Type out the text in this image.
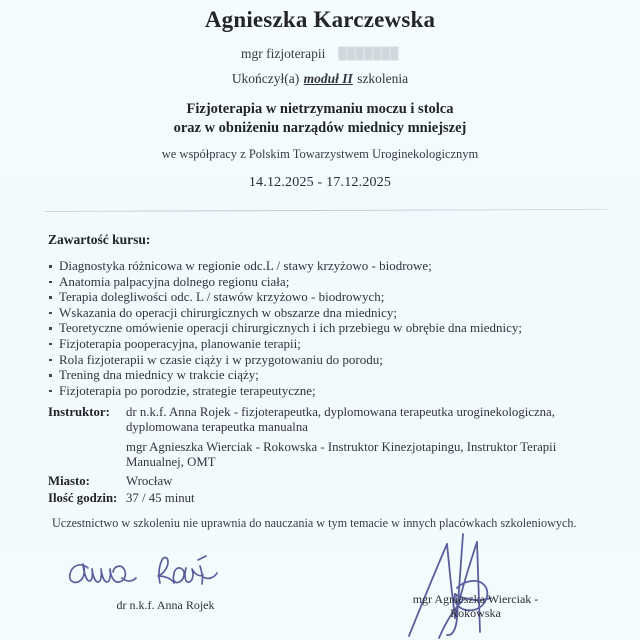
Agnieszka Karczewska
mgr fizjoterapii ███████
Ukończył(a) moduł II szkolenia
Fizjoterapia w nietrzymaniu moczu i stolca
oraz w obniżeniu narządów miednicy mniejszej
we współpracy z Polskim Towarzystwem Uroginekologicznym
14.12.2025 - 17.12.2025
Zawartość kursu:
Diagnostyka różnicowa w regionie odc.L / stawy krzyżowo - biodrowe;
Anatomia palpacyjna dolnego regionu ciała;
Terapia dolegliwości odc. L / stawów krzyżowo - biodrowych;
Wskazania do operacji chirurgicznych w obszarze dna miednicy;
Teoretyczne omówienie operacji chirurgicznych i ich przebiegu w obrębie dna miednicy;
Fizjoterapia pooperacyjna, planowanie terapii;
Rola fizjoterapii w czasie ciąży i w przygotowaniu do porodu;
Trening dna miednicy w trakcie ciąży;
Fizjoterapia po porodzie, strategie terapeutyczne;
Instruktor:	dr n.k.f. Anna Rojek - fizjoterapeutka, dyplomowana terapeutka uroginekologiczna,
dyplomowana terapeutka manualna
mgr Agnieszka Wierciak - Rokowska - Instruktor Kinezjotapingu, Instruktor Terapii
Manualnej, OMT
Miasto:	Wrocław
Ilość godzin: 37 / 45 minut
Uczestnictwo w szkoleniu nie uprawnia do nauczania w tym temacie w innych placówkach szkoleniowych.
dr n.k.f. Anna Rojek	mgr Agnieszka Wierciak -
Rokowska
